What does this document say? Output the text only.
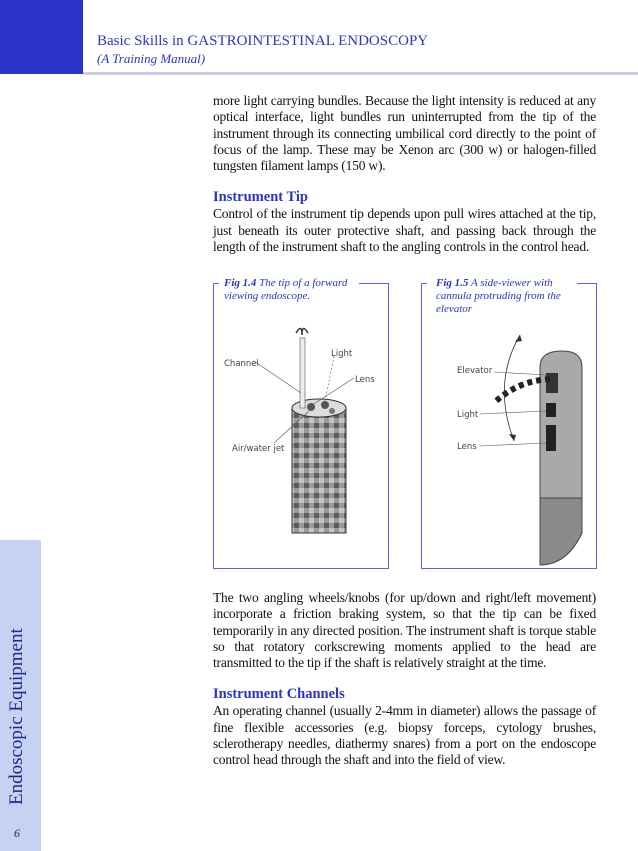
Basic Skills in GASTROINTESTINAL ENDOSCOPY
(A Training Manual)
Endoscopic Equipment
6

more light carrying bundles. Because the light intensity is reduced at any optical interface, light bundles run uninterrupted from the tip of the instrument through its connecting umbilical cord directly to the point of focus of the lamp. These may be Xenon arc (300 w) or halogen-filled tungsten filament lamps (150 w).

Instrument Tip

Control of the instrument tip depends upon pull wires attached at the tip, just beneath its outer protective shaft, and passing back through the length of the instrument shaft to the angling controls in the control head.

Fig 1.4 The tip of a forward viewing endoscope.
Channel
Light
Lens
Air/water jet
Fig 1.5 A side-viewer with cannula protruding from the elevator
Elevator
Light
Lens

The two angling wheels/knobs (for up/down and right/left movement) incorporate a friction braking system, so that the tip can be fixed temporarily in any directed position. The instrument shaft is torque stable so that rotatory corkscrewing moments applied to the head are transmitted to the tip if the shaft is relatively straight at the time.

Instrument Channels

An operating channel (usually 2-4mm in diameter) allows the passage of fine flexible accessories (e.g. biopsy forceps, cytology brushes, sclerotherapy needles, diathermy snares) from a port on the endoscope control head through the shaft and into the field of view.
